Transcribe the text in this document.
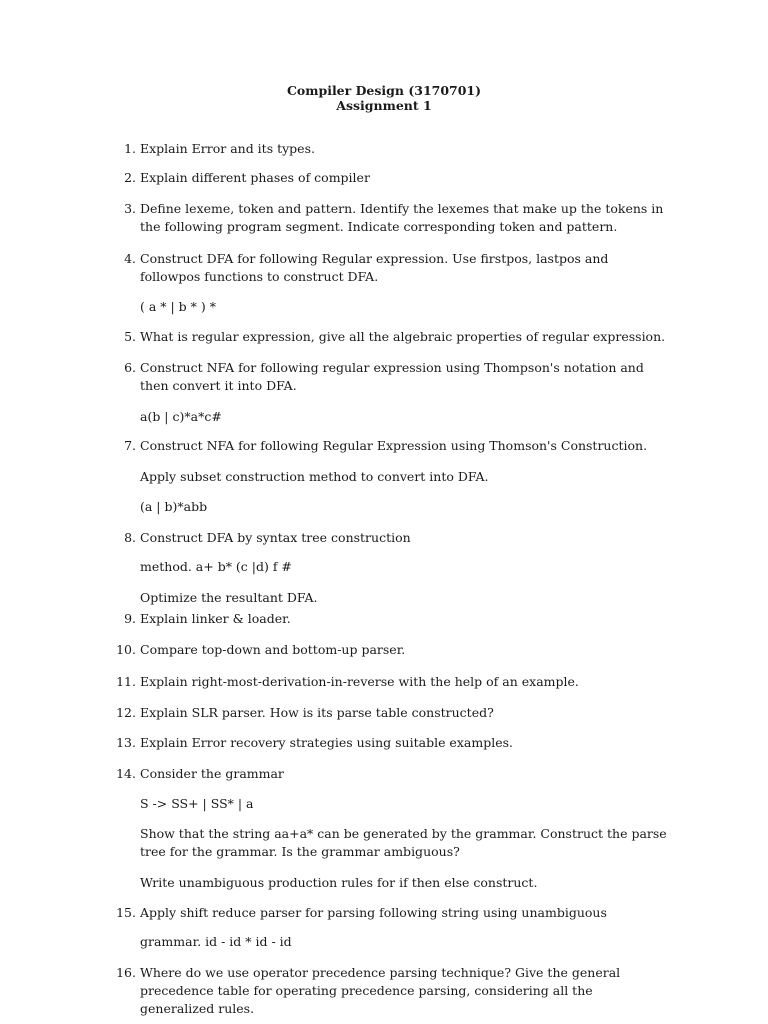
Compiler Design (3170701)
Assignment 1
1. Explain Error and its types.
2. Explain different phases of compiler
3. Define lexeme, token and pattern. Identify the lexemes that make up the tokens in the following program segment. Indicate corresponding token and pattern.
4. Construct DFA for following Regular expression. Use firstpos, lastpos and followpos functions to construct DFA.
( a * | b * ) *
5. What is regular expression, give all the algebraic properties of regular expression.
6. Construct NFA for following regular expression using Thompson's notation and then convert it into DFA.
a(b | c)*a*c#
7. Construct NFA for following Regular Expression using Thomson's Construction.
Apply subset construction method to convert into DFA.
(a | b)*abb
8. Construct DFA by syntax tree construction
method. a+ b* (c |d) f #
Optimize the resultant DFA.
9. Explain linker & loader.
10. Compare top-down and bottom-up parser.
11. Explain right-most-derivation-in-reverse with the help of an example.
12. Explain SLR parser. How is its parse table constructed?
13. Explain Error recovery strategies using suitable examples.
14. Consider the grammar
S -> SS+ | SS* | a
Show that the string aa+a* can be generated by the grammar. Construct the parse tree for the grammar. Is the grammar ambiguous?
Write unambiguous production rules for if then else construct.
15. Apply shift reduce parser for parsing following string using unambiguous
grammar. id - id * id - id
16. Where do we use operator precedence parsing technique? Give the general precedence table for operating precedence parsing, considering all the generalized rules.
